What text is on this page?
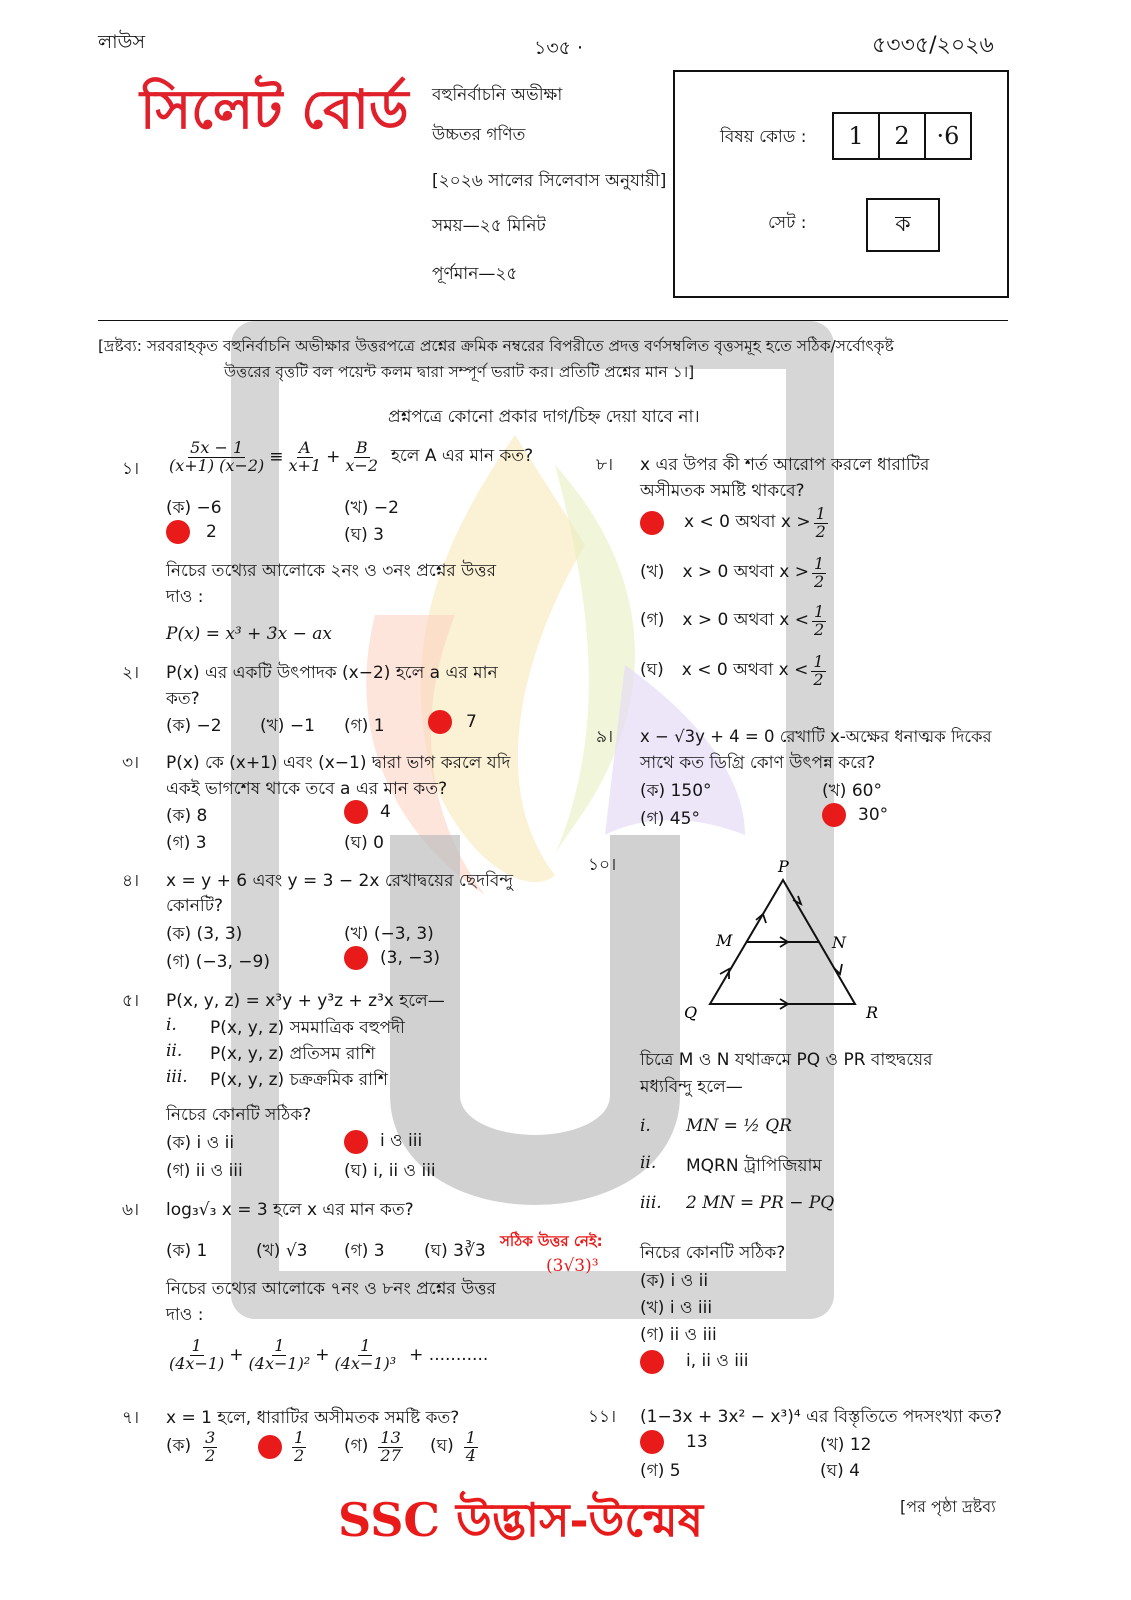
লাউস	১৩৫ ·	৫৩৩৫/২০২৬
সিলেট বোর্ড বহুনির্বাচনি অভীক্ষা
উচ্চতর গণিত
[২০২৬ সালের সিলেবাস অনুযায়ী]
সময়—২৫ মিনিট
পূর্ণমান—২৫
বিষয় কোড :	1	2	·6
সেট :	ক
[দ্রষ্টব্য: সরবরাহকৃত বহুনির্বাচনি অভীক্ষার উত্তরপত্রে প্রশ্নের ক্রমিক নম্বরের বিপরীতে প্রদত্ত বর্ণসম্বলিত বৃত্তসমূহ হতে সঠিক/সর্বোৎকৃষ্ট
উত্তরের বৃত্তটি বল পয়েন্ট কলম দ্বারা সম্পূর্ণ ভরাট কর। প্রতিটি প্রশ্নের মান ১।]
প্রশ্নপত্রে কোনো প্রকার দাগ/চিহ্ন দেয়া যাবে না।
১। $\frac{5x - 1}{(x+1) (x-2)} \equiv \frac{A}{x+1} + \frac{B}{x-2}$ হলে A এর মান কত?
(ক) −6	(খ) −2
2	(ঘ) 3
নিচের তথ্যের আলোকে ২নং ও ৩নং প্রশ্নের উত্তর
দাও :
P(x) = x³ + 3x − ax
২। P(x) এর একটি উৎপাদক (x−2) হলে a এর মান
কত?
(ক) −2 (খ) −1 (গ) 1	7
৩। P(x) কে (x+1) এবং (x−1) দ্বারা ভাগ করলে যদি
একই ভাগশেষ থাকে তবে a এর মান কত?
(ক) 8	4
(গ) 3	(ঘ) 0
৪। x = y + 6 এবং y = 3 − 2x রেখাদ্বয়ের ছেদবিন্দু
কোনটি?
(ক) (3, 3)	(খ) (−3, 3)
(গ) (−3, −9)	(3, −3)
৫। P(x, y, z) = x³y + y³z + z³x হলে—
i. P(x, y, z) সমমাত্রিক বহুপদী
ii. P(x, y, z) প্রতিসম রাশি
iii. P(x, y, z) চক্রক্রমিক রাশি
নিচের কোনটি সঠিক?
(ক) i ও ii	i ও iii
(গ) ii ও iii	(ঘ) i, ii ও iii
৬। log₃√₃ x = 3 হলে x এর মান কত?
(ক) 1	(খ) √3 (গ) 3 (ঘ) 3∛3 সঠিক উত্তর নেই:
(3√3)³
নিচের তথ্যের আলোকে ৭নং ও ৮নং প্রশ্নের উত্তর
দাও :
$\frac{1}{(4x-1)} + \frac{1}{\text{(4x−1)²}} + \frac{1}{\text{(4x−1)³}}$ + ...........
৭। x = 1 হলে, ধারাটির অসীমতক সমষ্টি কত?
(ক) $\frac{3}{2}$	$\frac{1}{2}$ (গ) $\frac{13}{27}$ (ঘ) $\frac{1}{4}$
৮। x এর উপর কী শর্ত আরোপ করলে ধারাটির
অসীমতক সমষ্টি থাকবে?
x < 0 অথবা $x > \frac{1}{2}$
(খ) x > 0 অথবা $x > \frac{1}{2}$
(গ) x > 0 অথবা $x < \frac{1}{2}$
(ঘ) x < 0 অথবা $x < \frac{1}{2}$
৯। x − √3y + 4 = 0 রেখাটি x-অক্ষের ধনাত্মক দিকের
সাথে কত ডিগ্রি কোণ উৎপন্ন করে?
(ক) 150°	(খ) 60°
(গ) 45°	30°
১০।	P
M	N
Q	R
চিত্রে M ও N যথাক্রমে PQ ও PR বাহুদ্বয়ের
মধ্যবিন্দু হলে—
i. MN = ½ QR
ii. MQRN ট্রাপিজিয়াম
iii. 2 MN = PR − PQ
নিচের কোনটি সঠিক?
(ক) i ও ii
(খ) i ও iii
(গ) ii ও iii
i, ii ও iii
১১। (1−3x + 3x² − x³)⁴ এর বিস্তৃতিতে পদসংখ্যা কত?
13	(খ) 12
(গ) 5	(ঘ) 4
SSC উদ্ভাস-উন্মেষ	[পর পৃষ্ঠা দ্রষ্টব্য
